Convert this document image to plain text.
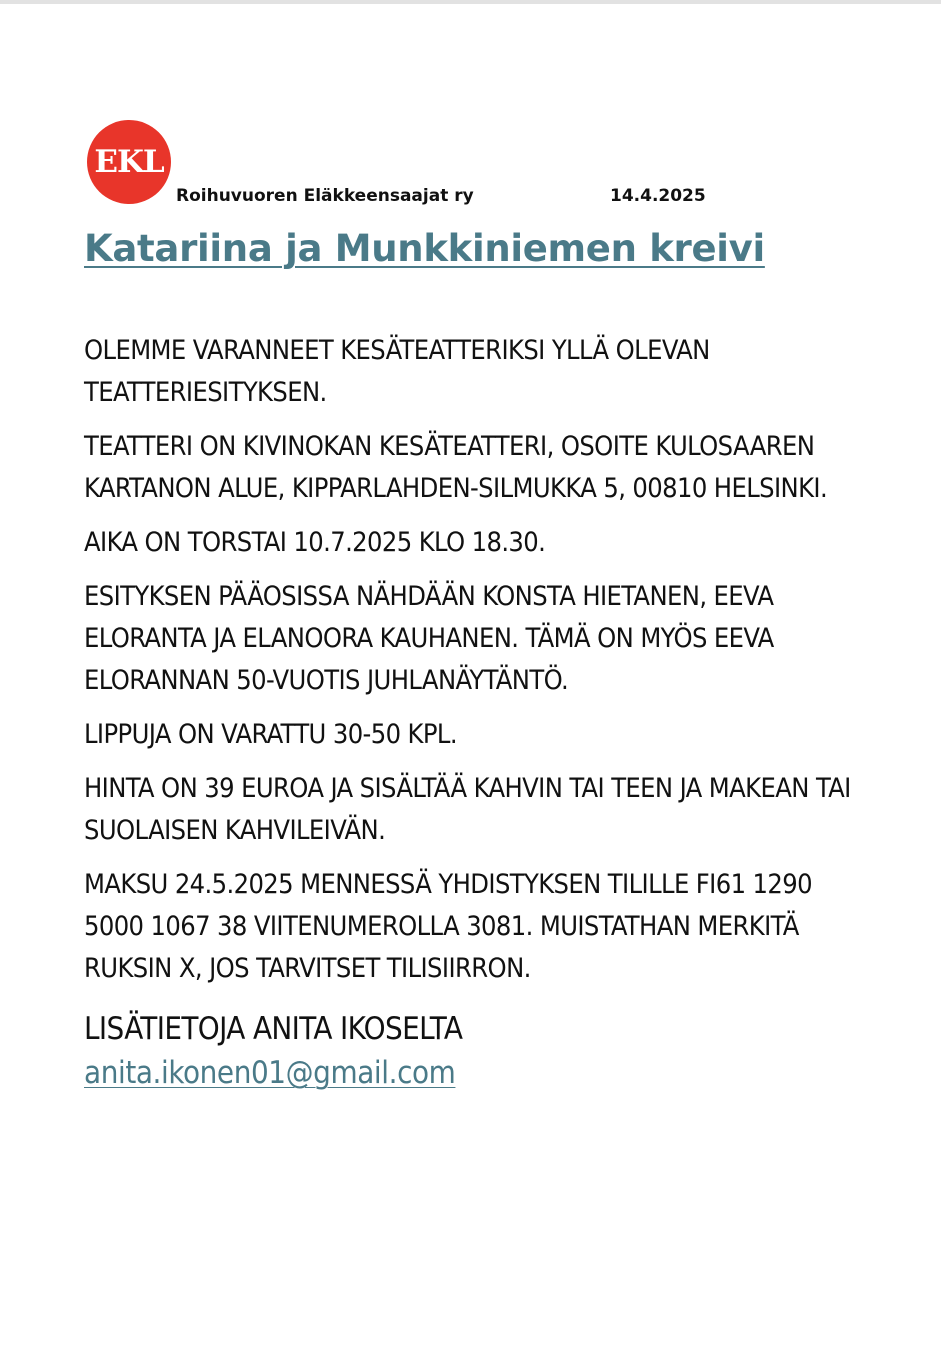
EKL
Roihuvuoren Eläkkeensaajat ry	14.4.2025
Katariina ja Munkkiniemen kreivi

OLEMME VARANNEET KESÄTEATTERIKSI YLLÄ OLEVAN TEATTERIESITYKSEN.

TEATTERI ON KIVINOKAN KESÄTEATTERI, OSOITE KULOSAAREN KARTANON ALUE, KIPPARLAHDEN-SILMUKKA 5, 00810 HELSINKI.

AIKA ON TORSTAI 10.7.2025 KLO 18.30.

ESITYKSEN PÄÄOSISSA NÄHDÄÄN KONSTA HIETANEN, EEVA ELORANTA JA ELANOORA KAUHANEN. TÄMÄ ON MYÖS EEVA ELORANNAN 50-VUOTIS JUHLANÄYTÄNTÖ.

LIPPUJA ON VARATTU 30-50 KPL.

HINTA ON 39 EUROA JA SISÄLTÄÄ KAHVIN TAI TEEN JA MAKEAN TAI SUOLAISEN KAHVILEIVÄN.

MAKSU 24.5.2025 MENNESSÄ YHDISTYKSEN TILILLE FI61 1290 5000 1067 38 VIITENUMEROLLA 3081. MUISTATHAN MERKITÄ RUKSIN X, JOS TARVITSET TILISIIRRON.

LISÄTIETOJA ANITA IKOSELTA

anita.ikonen01@gmail.com
